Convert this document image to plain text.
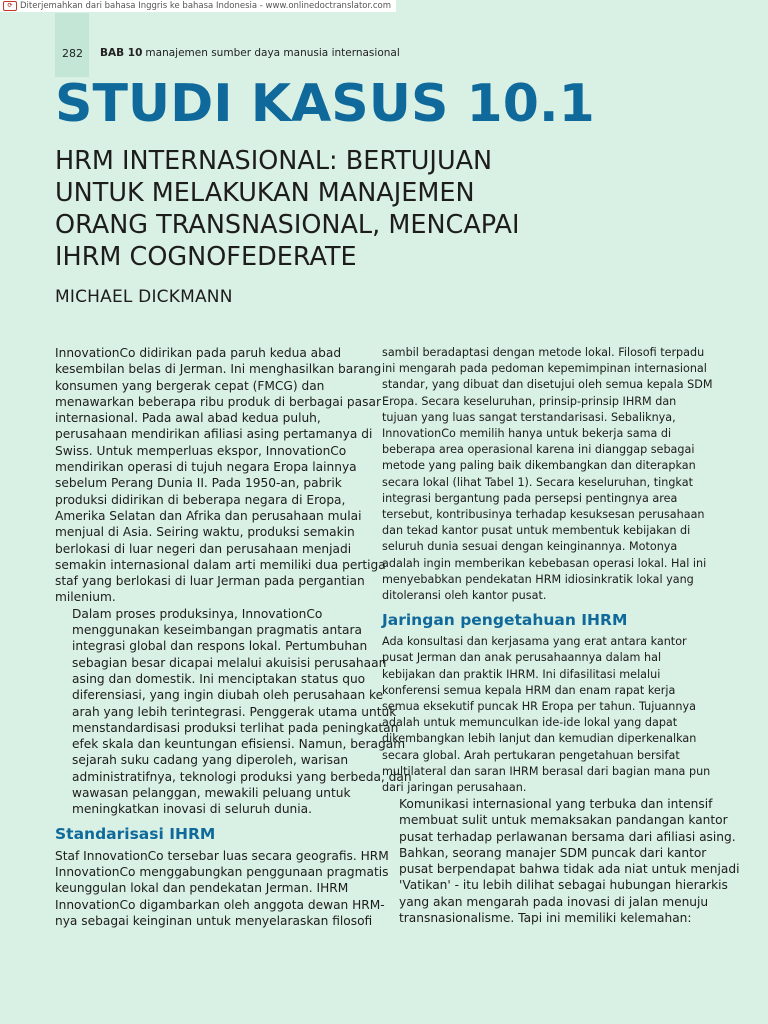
⟳ Diterjemahkan dari bahasa Inggris ke bahasa Indonesia - www.onlinedoctranslator.com
282 BAB 10 manajemen sumber daya manusia internasional
STUDI KASUS 10.1
HRM INTERNASIONAL: BERTUJUAN
UNTUK MELAKUKAN MANAJEMEN
ORANG TRANSNASIONAL, MENCAPAI
IHRM COGNOFEDERATE
MICHAEL DICKMANN

InnovationCo didirikan pada paruh kedua abad
kesembilan belas di Jerman. Ini menghasilkan barang
konsumen yang bergerak cepat (FMCG) dan
menawarkan beberapa ribu produk di berbagai pasar
internasional. Pada awal abad kedua puluh,
perusahaan mendirikan afiliasi asing pertamanya di
Swiss. Untuk memperluas ekspor, InnovationCo
mendirikan operasi di tujuh negara Eropa lainnya
sebelum Perang Dunia II. Pada 1950-an, pabrik
produksi didirikan di beberapa negara di Eropa,
Amerika Selatan dan Afrika dan perusahaan mulai
menjual di Asia. Seiring waktu, produksi semakin
berlokasi di luar negeri dan perusahaan menjadi
semakin internasional dalam arti memiliki dua pertiga
staf yang berlokasi di luar Jerman pada pergantian
milenium.

Dalam proses produksinya, InnovationCo
menggunakan keseimbangan pragmatis antara
integrasi global dan respons lokal. Pertumbuhan
sebagian besar dicapai melalui akuisisi perusahaan
asing dan domestik. Ini menciptakan status quo
diferensiasi, yang ingin diubah oleh perusahaan ke
arah yang lebih terintegrasi. Penggerak utama untuk
menstandardisasi produksi terlihat pada peningkatan
efek skala dan keuntungan efisiensi. Namun, beragam
sejarah suku cadang yang diperoleh, warisan
administratifnya, teknologi produksi yang berbeda, dan
wawasan pelanggan, mewakili peluang untuk
meningkatkan inovasi di seluruh dunia.

Standarisasi IHRM

Staf InnovationCo tersebar luas secara geografis. HRM
InnovationCo menggabungkan penggunaan pragmatis
keunggulan lokal dan pendekatan Jerman. IHRM
InnovationCo digambarkan oleh anggota dewan HRM-
nya sebagai keinginan untuk menyelaraskan filosofi

sambil beradaptasi dengan metode lokal. Filosofi terpadu
ini mengarah pada pedoman kepemimpinan internasional
standar, yang dibuat dan disetujui oleh semua kepala SDM
Eropa. Secara keseluruhan, prinsip-prinsip IHRM dan
tujuan yang luas sangat terstandarisasi. Sebaliknya,
InnovationCo memilih hanya untuk bekerja sama di
beberapa area operasional karena ini dianggap sebagai
metode yang paling baik dikembangkan dan diterapkan
secara lokal (lihat Tabel 1). Secara keseluruhan, tingkat
integrasi bergantung pada persepsi pentingnya area
tersebut, kontribusinya terhadap kesuksesan perusahaan
dan tekad kantor pusat untuk membentuk kebijakan di
seluruh dunia sesuai dengan keinginannya. Motonya
adalah ingin memberikan kebebasan operasi lokal. Hal ini
menyebabkan pendekatan HRM idiosinkratik lokal yang
ditoleransi oleh kantor pusat.

Jaringan pengetahuan IHRM

Ada konsultasi dan kerjasama yang erat antara kantor
pusat Jerman dan anak perusahaannya dalam hal
kebijakan dan praktik IHRM. Ini difasilitasi melalui
konferensi semua kepala HRM dan enam rapat kerja
semua eksekutif puncak HR Eropa per tahun. Tujuannya
adalah untuk memunculkan ide-ide lokal yang dapat
dikembangkan lebih lanjut dan kemudian diperkenalkan
secara global. Arah pertukaran pengetahuan bersifat
multilateral dan saran IHRM berasal dari bagian mana pun
dari jaringan perusahaan.

Komunikasi internasional yang terbuka dan intensif
membuat sulit untuk memaksakan pandangan kantor
pusat terhadap perlawanan bersama dari afiliasi asing.
Bahkan, seorang manajer SDM puncak dari kantor
pusat berpendapat bahwa tidak ada niat untuk menjadi
'Vatikan' - itu lebih dilihat sebagai hubungan hierarkis
yang akan mengarah pada inovasi di jalan menuju
transnasionalisme. Tapi ini memiliki kelemahan:
